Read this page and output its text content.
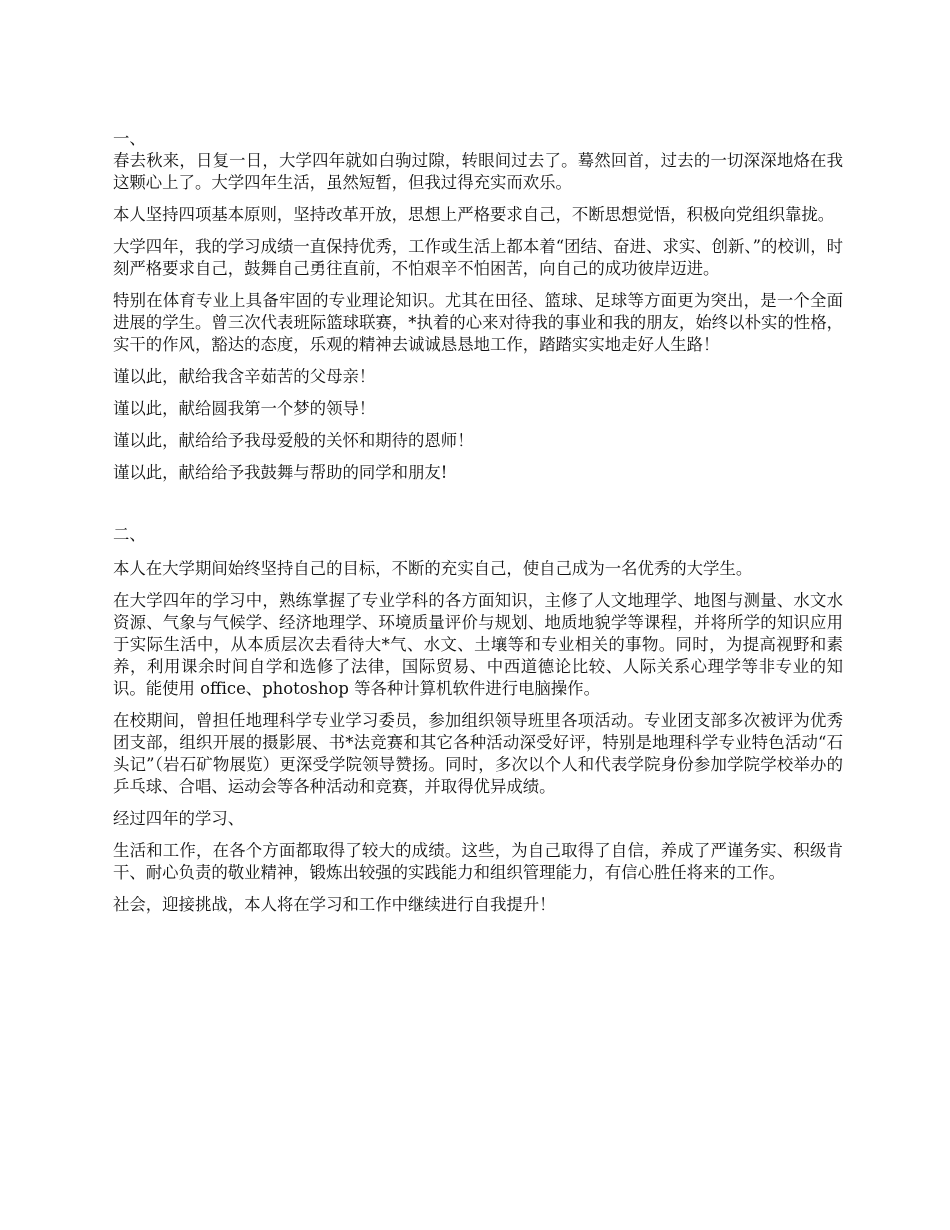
一、

春去秋来，日复一日，大学四年就如白驹过隙，转眼间过去了。蓦然回首，过去的一切深深地烙在我这颗心上了。大学四年生活，虽然短暂，但我过得充实而欢乐。

本人坚持四项基本原则，坚持改革开放，思想上严格要求自己，不断思想觉悟，积极向党组织靠拢。

大学四年，我的学习成绩一直保持优秀，工作或生活上都本着“团结、奋进、求实、创新、”的校训，时刻严格要求自己，鼓舞自己勇往直前，不怕艰辛不怕困苦，向自己的成功彼岸迈进。

特别在体育专业上具备牢固的专业理论知识。尤其在田径、篮球、足球等方面更为突出，是一个全面进展的学生。曾三次代表班际篮球联赛，*执着的心来对待我的事业和我的朋友，始终以朴实的性格，实干的作风，豁达的态度，乐观的精神去诚诚恳恳地工作，踏踏实实地走好人生路！

谨以此，献给我含辛茹苦的父母亲！

谨以此，献给圆我第一个梦的领导！

谨以此，献给给予我母爱般的关怀和期待的恩师！

谨以此，献给给予我鼓舞与帮助的同学和朋友!

二、

本人在大学期间始终坚持自己的目标，不断的充实自己，使自己成为一名优秀的大学生。

在大学四年的学习中，熟练掌握了专业学科的各方面知识，主修了人文地理学、地图与测量、水文水资源、气象与气候学、经济地理学、环境质量评价与规划、地质地貌学等课程，并将所学的知识应用于实际生活中，从本质层次去看待大*气、水文、土壤等和专业相关的事物。同时，为提高视野和素养，利用课余时间自学和选修了法律，国际贸易、中西道德论比较、人际关系心理学等非专业的知识。能使用 office、photoshop 等各种计算机软件进行电脑操作。

在校期间，曾担任地理科学专业学习委员，参加组织领导班里各项活动。专业团支部多次被评为优秀团支部，组织开展的摄影展、书*法竞赛和其它各种活动深受好评，特别是地理科学专业特色活动“石头记”（岩石矿物展览）更深受学院领导赞扬。同时，多次以个人和代表学院身份参加学院学校举办的乒乓球、合唱、运动会等各种活动和竞赛，并取得优异成绩。

经过四年的学习、

生活和工作，在各个方面都取得了较大的成绩。这些，为自己取得了自信，养成了严谨务实、积级肯干、耐心负责的敬业精神，锻炼出较强的实践能力和组织管理能力，有信心胜任将来的工作。

社会，迎接挑战，本人将在学习和工作中继续进行自我提升！
